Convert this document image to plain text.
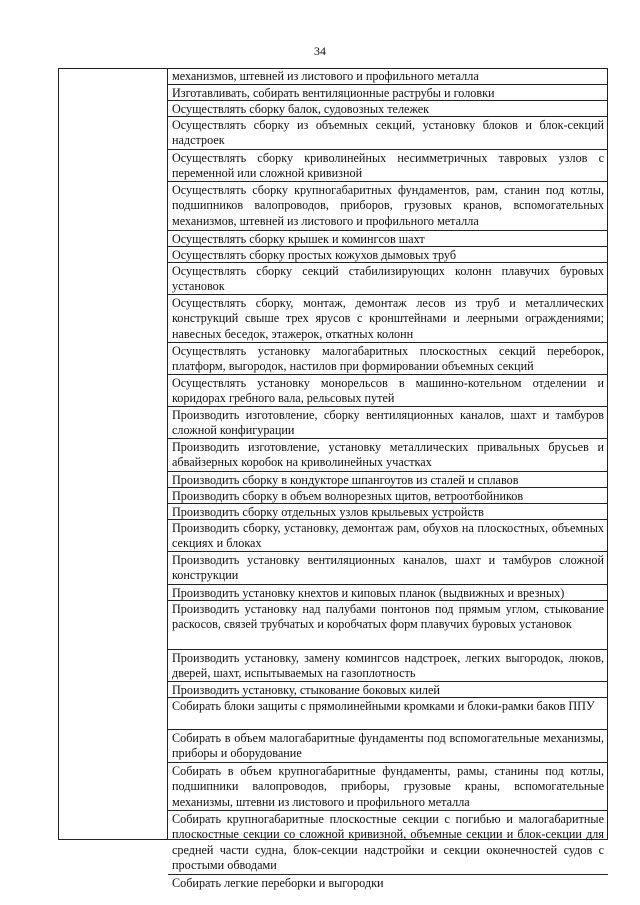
34
механизмов, штевней из листового и профильного металла
Изготавливать, собирать вентиляционные раструбы и головки
Осуществлять сборку балок, судовозных тележек
Осуществлять сборку из объемных секций, установку блоков и блок-секций надстроек
Осуществлять сборку криволинейных несимметричных тавровых узлов с переменной или сложной кривизной
Осуществлять сборку крупногабаритных фундаментов, рам, станин под котлы, подшипников валопроводов, приборов, грузовых кранов, вспомогательных механизмов, штевней из листового и профильного металла
Осуществлять сборку крышек и комингсов шахт
Осуществлять сборку простых кожухов дымовых труб
Осуществлять сборку секций стабилизирующих колонн плавучих буровых установок
Осуществлять сборку, монтаж, демонтаж лесов из труб и металлических конструкций свыше трех ярусов с кронштейнами и леерными ограждениями; навесных беседок, этажерок, откатных колонн
Осуществлять установку малогабаритных плоскостных секций переборок, платформ, выгородок, настилов при формировании объемных секций
Осуществлять установку монорельсов в машинно-котельном отделении и коридорах гребного вала, рельсовых путей
Производить изготовление, сборку вентиляционных каналов, шахт и тамбуров сложной конфигурации
Производить изготовление, установку металлических привальных брусьев и абвайзерных коробок на криволинейных участках
Производить сборку в кондукторе шпангоутов из сталей и сплавов
Производить сборку в объем волнорезных щитов, ветроотбойников
Производить сборку отдельных узлов крыльевых устройств
Производить сборку, установку, демонтаж рам, обухов на плоскостных, объемных секциях и блоках
Производить установку вентиляционных каналов, шахт и тамбуров сложной конструкции
Производить установку кнехтов и киповых планок (выдвижных и врезных)
Производить установку над палубами понтонов под прямым углом, стыкование раскосов, связей трубчатых и коробчатых форм плавучих буровых установок
Производить установку, замену комингсов надстроек, легких выгородок, люков, дверей, шахт, испытываемых на газоплотность
Производить установку, стыкование боковых килей
Собирать блоки защиты с прямолинейными кромками и блоки-рамки баков ППУ
Собирать в объем малогабаритные фундаменты под вспомогательные механизмы, приборы и оборудование
Собирать в объем крупногабаритные фундаменты, рамы, станины под котлы, подшипники валопроводов, приборы, грузовые краны, вспомогательные механизмы, штевни из листового и профильного металла
Собирать крупногабаритные плоскостные секции с погибью и малогабаритные плоскостные секции со сложной кривизной, объемные секции и блок-секции для средней части судна, блок-секции надстройки и секции оконечностей судов с простыми обводами
Собирать легкие переборки и выгородки
